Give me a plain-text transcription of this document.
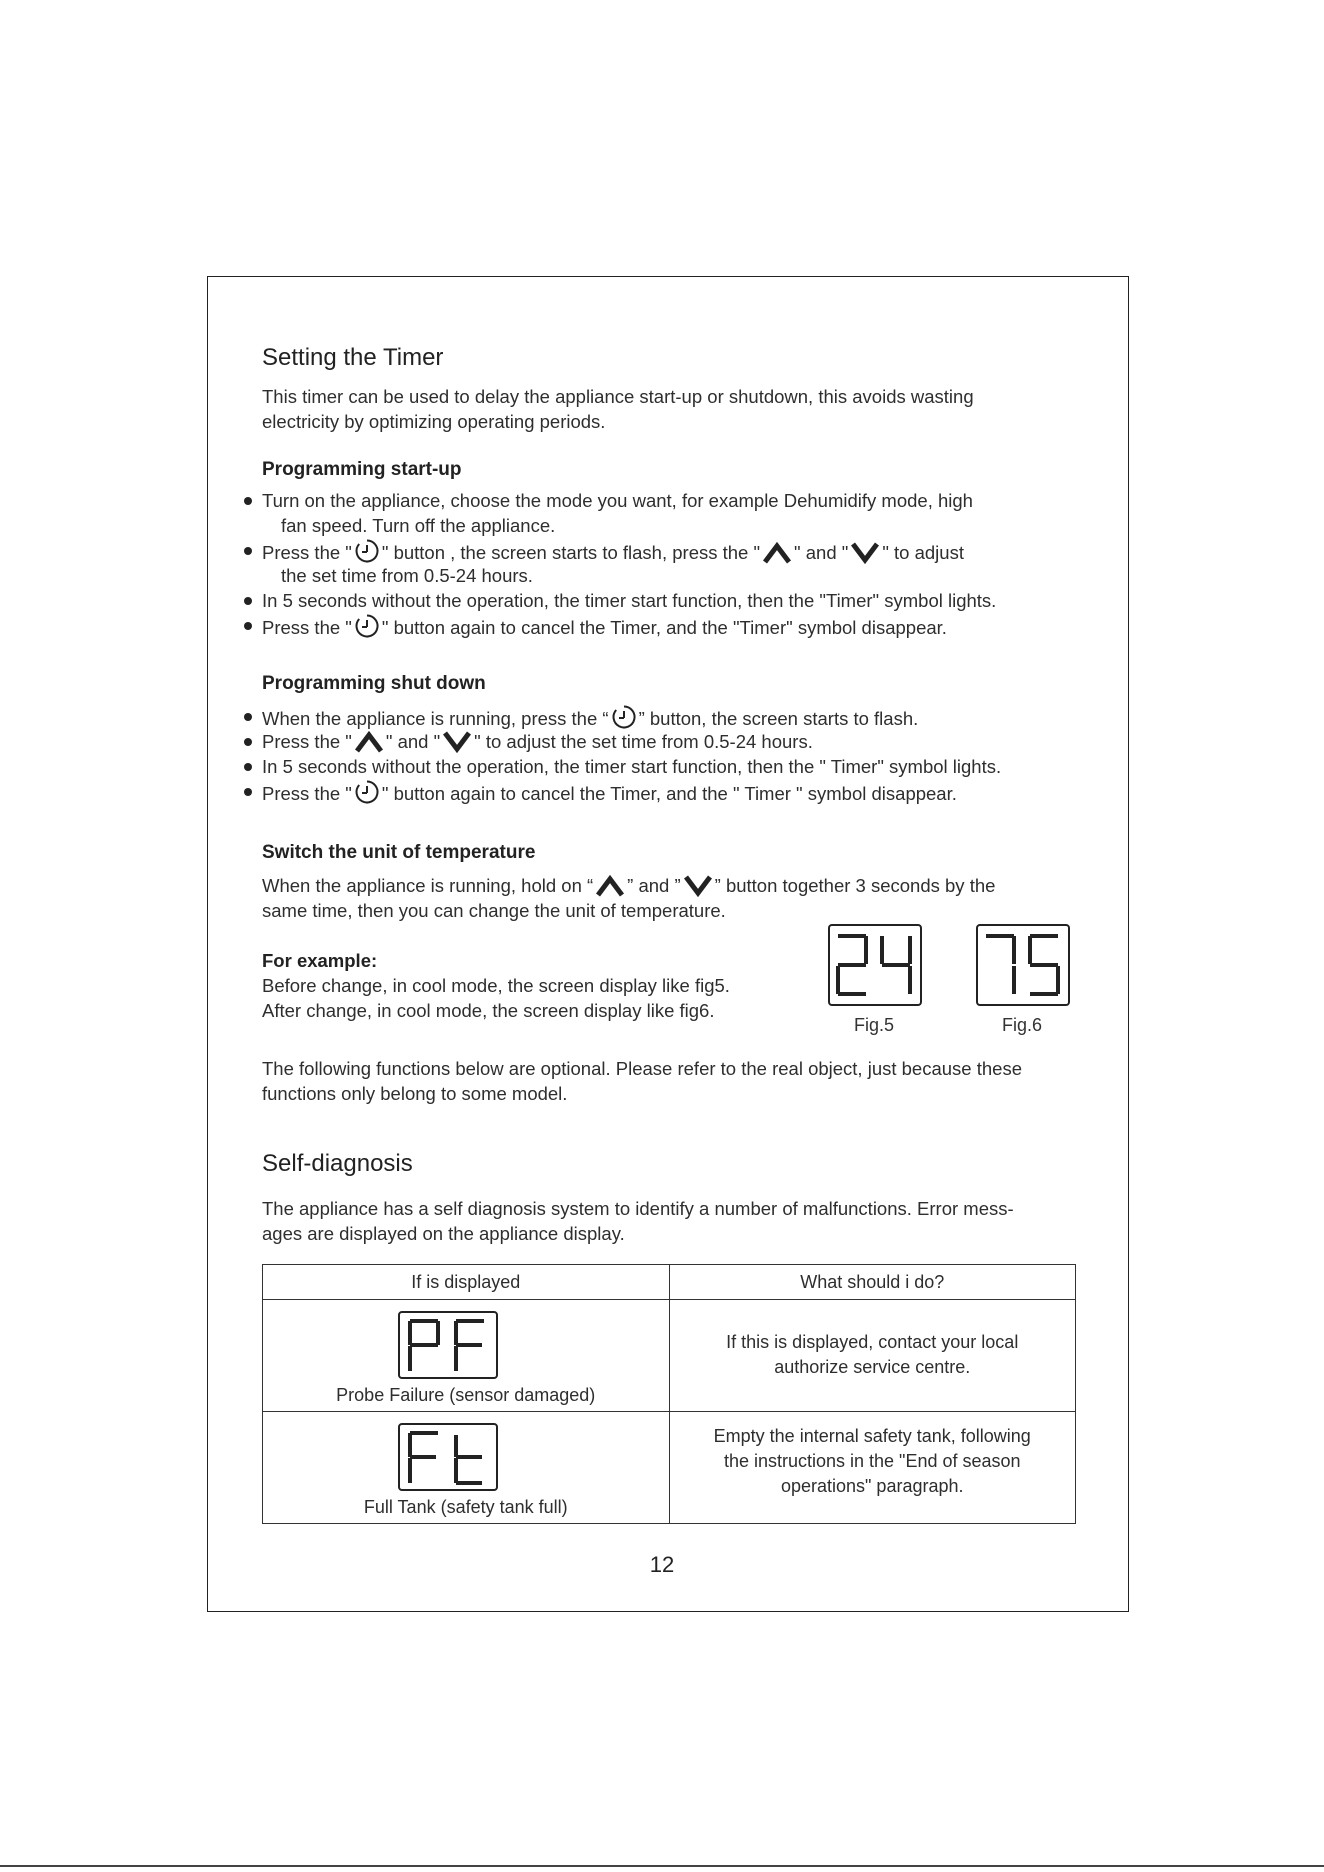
Setting the Timer
This timer can be used to delay the appliance start-up or shutdown, this avoids wasting
electricity by optimizing operating periods.
Programming start-up
Turn on the appliance, choose the mode you want, for example Dehumidify mode, high
fan speed. Turn off the appliance.
Press the " " button , the screen starts to flash, press the " " and " " to adjust
the set time from 0.5-24 hours.
In 5 seconds without the operation, the timer start function, then the "Timer" symbol lights.
Press the " " button again to cancel the Timer, and the "Timer" symbol disappear.
Programming shut down
When the appliance is running, press the “ ” button, the screen starts to flash.
Press the " " and " " to adjust the set time from 0.5-24 hours.
In 5 seconds without the operation, the timer start function, then the " Timer" symbol lights.
Press the " " button again to cancel the Timer, and the " Timer " symbol disappear.
Switch the unit of temperature
When the appliance is running, hold on “ ” and ” ” button together 3 seconds by the
same time, then you can change the unit of temperature.
For example:
Before change, in cool mode, the screen display like fig5.
After change, in cool mode, the screen display like fig6.
Fig.5	Fig.6
The following functions below are optional. Please refer to the real object, just because these
functions only belong to some model.
Self-diagnosis
The appliance has a self diagnosis system to identify a number of malfunctions. Error mess-
ages are displayed on the appliance display.
If is displayed	What should i do?

Probe Failure (sensor damaged)	If this is displayed, contact your local
authorize service centre.

Full Tank (safety tank full)	Empty the internal safety tank, following
the instructions in the "End of season
operations" paragraph.
12
